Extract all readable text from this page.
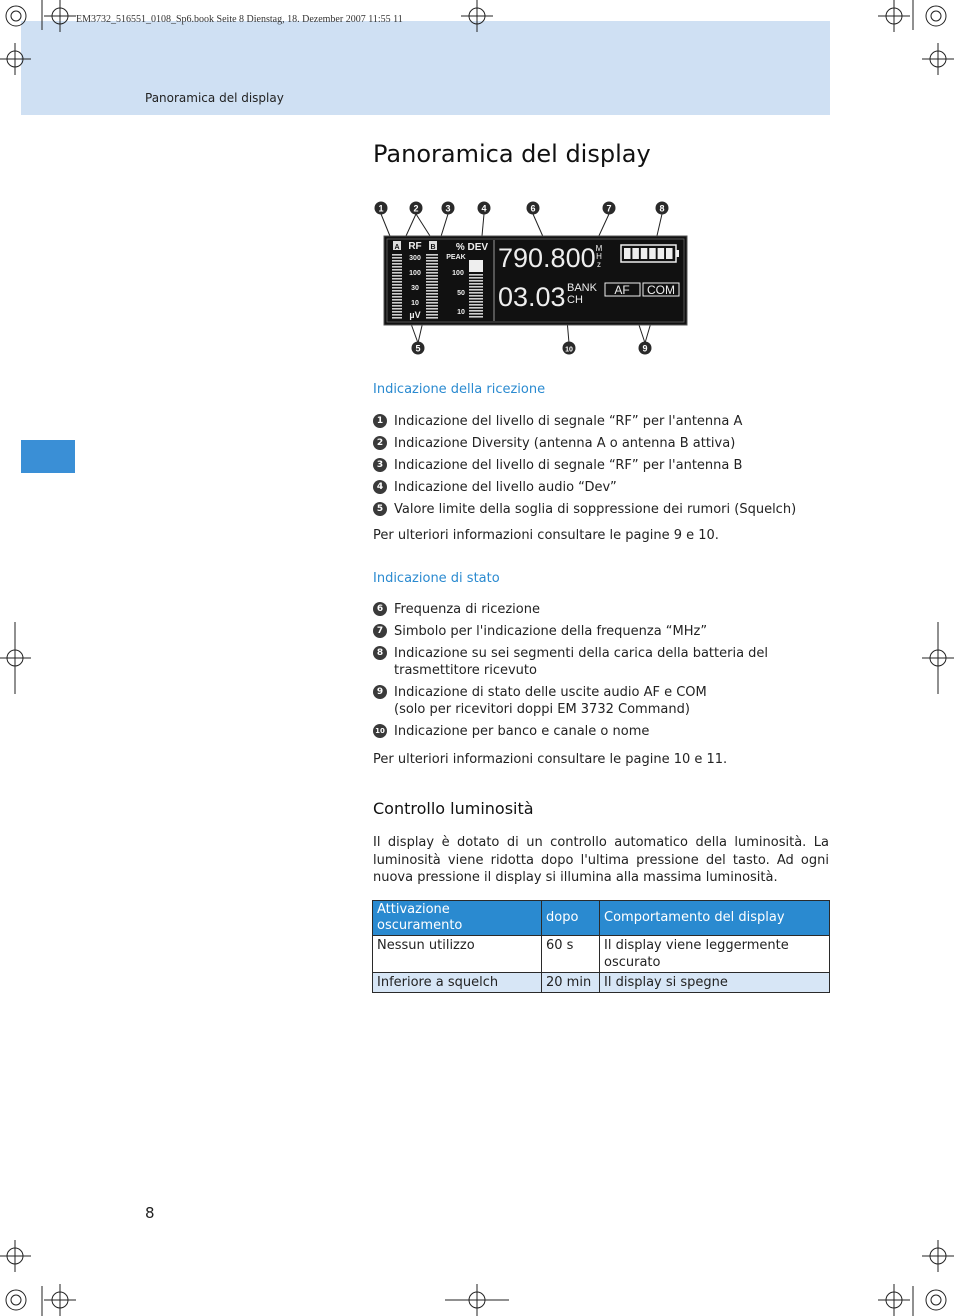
EM3732_516551_0108_Sp6.book Seite 8 Dienstag, 18. Dezember 2007 11:55 11
Panoramica del display
Panoramica del display
A RF B
300
100
30
10
µV
% DEV
PEAK
100
50
10
790.800 M
H
z
03.03 BANK
CH
AF COM
1	2	3	4	6	7	8
5	10	9
Indicazione della ricezione
1 Indicazione del livello di segnale “RF” per l'antenna A
2 Indicazione Diversity (antenna A o antenna B attiva)
3 Indicazione del livello di segnale “RF” per l'antenna B
4 Indicazione del livello audio “Dev”
5 Valore limite della soglia di soppressione dei rumori (Squelch)
Per ulteriori informazioni consultare le pagine 9 e 10.
Indicazione di stato
6 Frequenza di ricezione
7 Simbolo per l'indicazione della frequenza “MHz”
8 Indicazione su sei segmenti della carica della batteria del trasmettitore ricevuto
9 Indicazione di stato delle uscite audio AF e COM
(solo per ricevitori doppi EM 3732 Command)
10 Indicazione per banco e canale o nome
Per ulteriori informazioni consultare le pagine 10 e 11.
Controllo luminosità
Il display è dotato di un controllo automatico della luminosità. La luminosità viene ridotta dopo l'ultima pressione del tasto. Ad ogni nuova pressione il display si illumina alla massima luminosità.
Attivazione oscuramento	dopo	Comportamento del display
Nessun utilizzo	60 s	Il display viene leggermente oscurato
Inferiore a squelch	20 min	Il display si spegne
8
